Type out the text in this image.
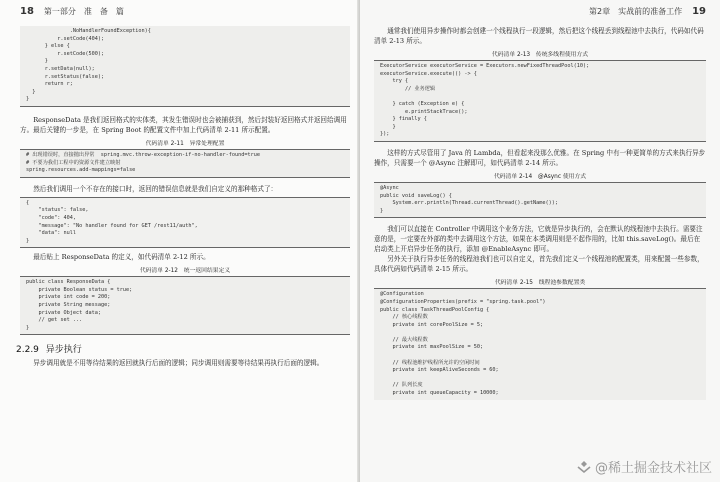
18 第一部分　准　备　篇
.NoHandlerFoundException){
r.setCode(404);
} else {
r.setCode(500);
}
r.setData(null);
r.setStatus(false);
return r;
}
}

ResponseData 是我们返回格式的实体类，其发生错误时也会被捕获到，然后封装好返回格式并返回给调用方。最后关键的一步是，在 Spring Boot 的配置文件中加上代码清单 2-11 所示配置。

代码清单 2-11　异常处理配置
# 出现错误时，直接抛出异常  spring.mvc.throw-exception-if-no-handler-found=true
# 不要为我们工程中的资源文件建立映射
spring.resources.add-mappings=false

然后我们调用一个不存在的接口时，返回的错误信息就是我们自定义的那种格式了：

{
"status": false,
"code": 404,
"message": "No handler found for GET /rest11/auth",
"data": null
}

最后贴上 ResponseData 的定义，如代码清单 2-12 所示。

代码清单 2-12　统一返回结果定义
public class ResponseData {
private Boolean status = true;
private int code = 200;
private String message;
private Object data;
// get set ...
}
2.2.9 异步执行

异步调用就是不用等待结果的返回就执行后面的逻辑；同步调用则需要等待结果再执行后面的逻辑。

第2章　实战前的准备工作 19

通常我们使用异步操作时都会创建一个线程执行一段逻辑，然后把这个线程丢到线程池中去执行，代码如代码清单 2-13 所示。

代码清单 2-13　传统多线程使用方式
ExecutorService executorService = Executors.newFixedThreadPool(10);
executorService.execute(() -> {
try {
// 业务逻辑

} catch (Exception e) {
e.printStackTrace();
} finally {
}
});

这样的方式尽管用了 Java 的 Lambda，但看起来没那么优雅。在 Spring 中有一种更简单的方式来执行异步操作，只需要一个 @Async 注解即可，如代码清单 2-14 所示。

代码清单 2-14　@Async 使用方式
@Async
public void saveLog() {
System.err.println(Thread.currentThread().getName());
}

我们可以直接在 Controller 中调用这个业务方法，它就是异步执行的，会在默认的线程池中去执行。需要注意的是，一定要在外部的类中去调用这个方法，如果在本类调用则是不起作用的，比如 this.saveLog()。最后在启动类上开启异步任务的执行，添加 @EnableAsync 即可。

另外关于执行异步任务的线程池我们也可以自定义，首先我们定义一个线程池的配置类，用来配置一些参数，具体代码如代码清单 2-15 所示。

代码清单 2-15　线程池参数配置类
@Configuration
@ConfigurationProperties(prefix = "spring.task.pool")
public class TaskThreadPoolConfig {
// 核心线程数
private int corePoolSize = 5;

// 最大线程数
private int maxPoolSize = 50;

// 线程池维护线程所允许的空闲时间
private int keepAliveSeconds = 60;

// 队列长度
private int queueCapacity = 10000;
@稀土掘金技术社区
